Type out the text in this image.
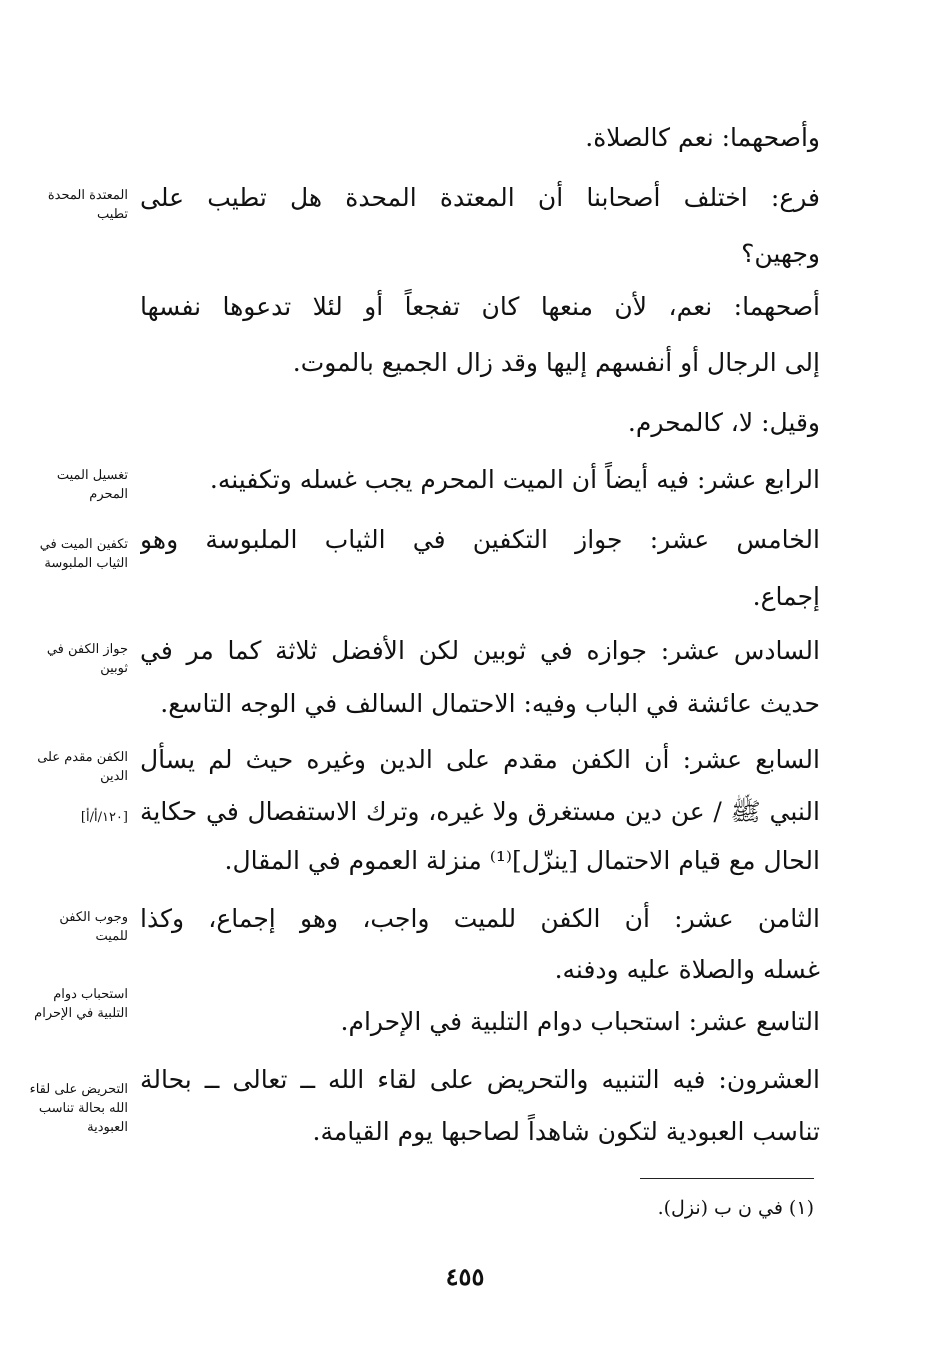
وأصحهما: نعم كالصلاة.
فرع: اختلف أصحابنا أن المعتدة المحدة هل تطيب على
وجهين؟
أصحهما: نعم، لأن منعها كان تفجعاً أو لئلا تدعوها نفسها
إلى الرجال أو أنفسهم إليها وقد زال الجميع بالموت.
وقيل: لا، كالمحرم.
الرابع عشر: فيه أيضاً أن الميت المحرم يجب غسله وتكفينه.
الخامس عشر: جواز التكفين في الثياب الملبوسة وهو
إجماع.
السادس عشر: جوازه في ثوبين لكن الأفضل ثلاثة كما مر في
حديث عائشة في الباب وفيه: الاحتمال السالف في الوجه التاسع.
السابع عشر: أن الكفن مقدم على الدين وغيره حيث لم يسأل
النبي ﷺ / عن دين مستغرق ولا غيره، وترك الاستفصال في حكاية
الحال مع قيام الاحتمال [ينزّل]⁽¹⁾ منزلة العموم في المقال.
الثامن عشر: أن الكفن للميت واجب، وهو إجماع، وكذا
غسله والصلاة عليه ودفنه.
التاسع عشر: استحباب دوام التلبية في الإحرام.
العشرون: فيه التنبيه والتحريض على لقاء الله ــ تعالى ــ بحالة
تناسب العبودية لتكون شاهداً لصاحبها يوم القيامة.
المعتدة المحدة تطيب
تغسيل الميت المحرم
تكفين الميت في الثياب الملبوسة
جواز الكفن في ثوبين
الكفن مقدم على الدين
[١٢٠/أ/أ]
وجوب الكفن للميت
استحباب دوام التلبية في الإحرام
التحريض على لقاء الله بحالة تناسب العبودية
(١) في ن ب (نزل).
٤٥٥
